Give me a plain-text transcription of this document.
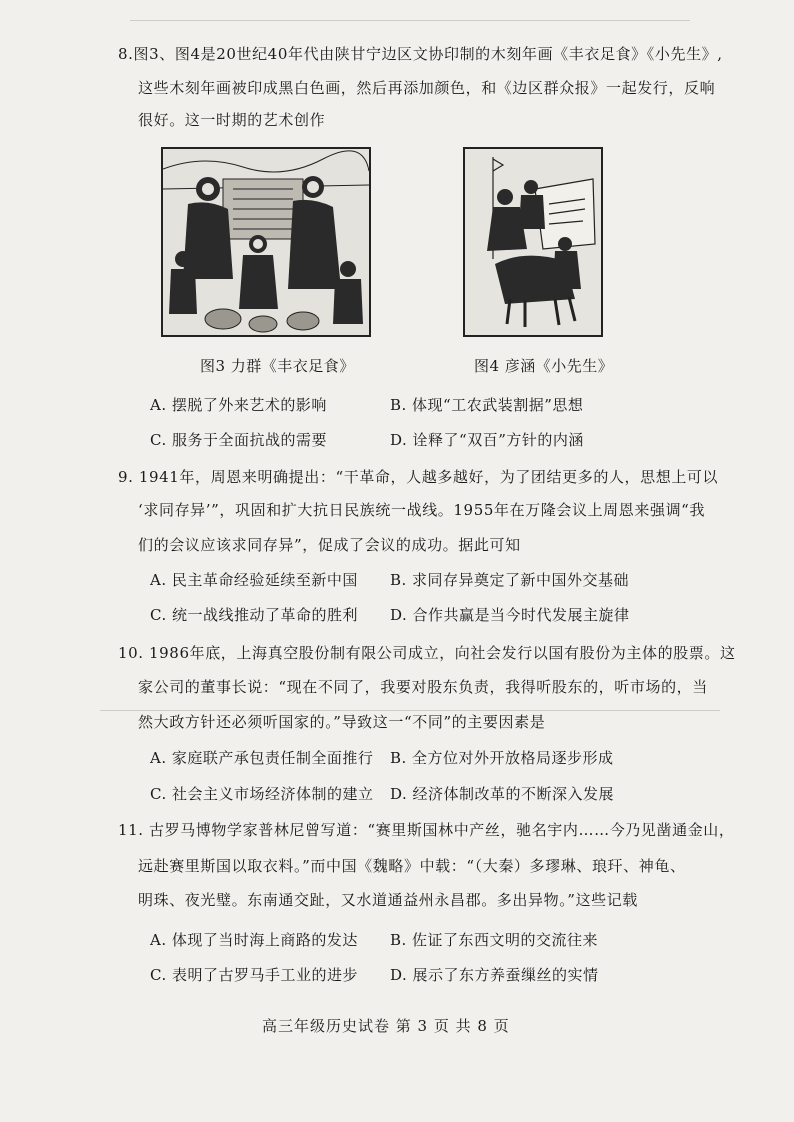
8.图3、图4是20世纪40年代由陕甘宁边区文协印制的木刻年画《丰衣足食》《小先生》,
这些木刻年画被印成黑白色画，然后再添加颜色，和《边区群众报》一起发行，反响
很好。这一时期的艺术创作
图3 力群《丰衣足食》	图4 彦涵《小先生》
A. 摆脱了外来艺术的影响	B. 体现“工农武装割据”思想
C. 服务于全面抗战的需要	D. 诠释了“双百”方针的内涵
9. 1941年，周恩来明确提出：“干革命，人越多越好，为了团结更多的人，思想上可以
‘求同存异’”，巩固和扩大抗日民族统一战线。1955年在万隆会议上周恩来强调“我
们的会议应该求同存异”，促成了会议的成功。据此可知
A. 民主革命经验延续至新中国 B. 求同存异奠定了新中国外交基础
C. 统一战线推动了革命的胜利 D. 合作共赢是当今时代发展主旋律
10. 1986年底，上海真空股份制有限公司成立，向社会发行以国有股份为主体的股票。这
家公司的董事长说：“现在不同了，我要对股东负责，我得听股东的，听市场的，当
然大政方针还必须听国家的。”导致这一“不同”的主要因素是
A. 家庭联产承包责任制全面推行 B. 全方位对外开放格局逐步形成
C. 社会主义市场经济体制的建立 D. 经济体制改革的不断深入发展
11. 古罗马博物学家普林尼曾写道：“赛里斯国林中产丝，驰名宇内……今乃见凿通金山，
远赴赛里斯国以取衣料。”而中国《魏略》中载：“（大秦）多璆琳、琅玕、神龟、
明珠、夜光璧。东南通交趾，又水道通益州永昌郡。多出异物。”这些记载
A. 体现了当时海上商路的发达 B. 佐证了东西文明的交流往来
C. 表明了古罗马手工业的进步 D. 展示了东方养蚕缫丝的实情
高三年级历史试卷 第 3 页 共 8 页
